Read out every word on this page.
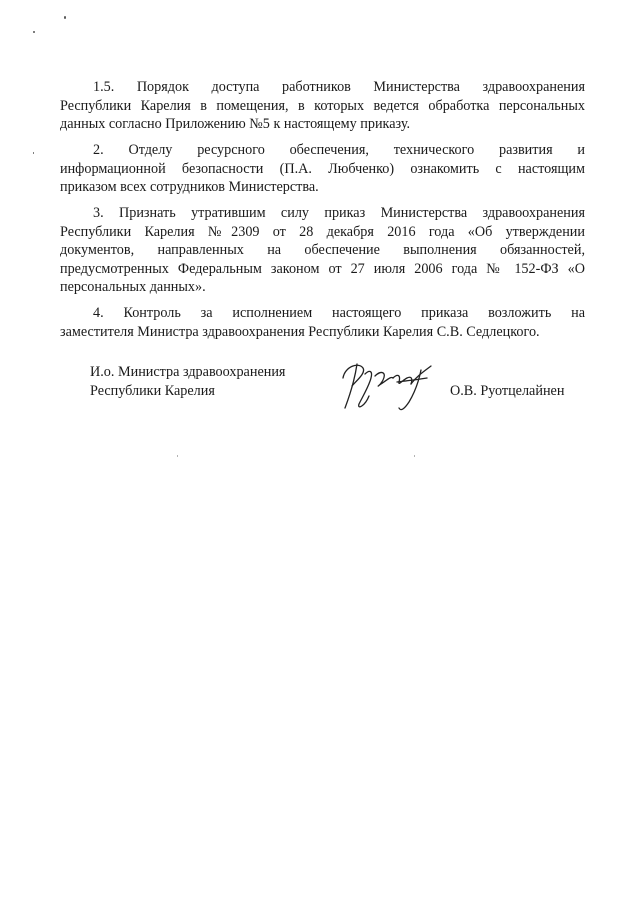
1.5. Порядок доступа работников Министерства здравоохранения
Республики Карелия в помещения, в которых ведется обработка персональных
данных согласно Приложению №5 к настоящему приказу.
2. Отделу ресурсного обеспечения, технического развития и
информационной безопасности (П.А. Любченко) ознакомить с настоящим
приказом всех сотрудников Министерства.
3. Признать утратившим силу приказ Министерства здравоохранения
Республики Карелия №2309 от 28 декабря 2016 года «Об утверждении
документов, направленных на обеспечение выполнения обязанностей,
предусмотренных Федеральным законом от 27 июля 2006 года № 152-ФЗ «О
персональных данных».
4. Контроль за исполнением настоящего приказа возложить на
заместителя Министра здравоохранения Республики Карелия С.В. Седлецкого.
И.о. Министра здравоохранения
Республики Карелия	О.В. Руотцелайнен
